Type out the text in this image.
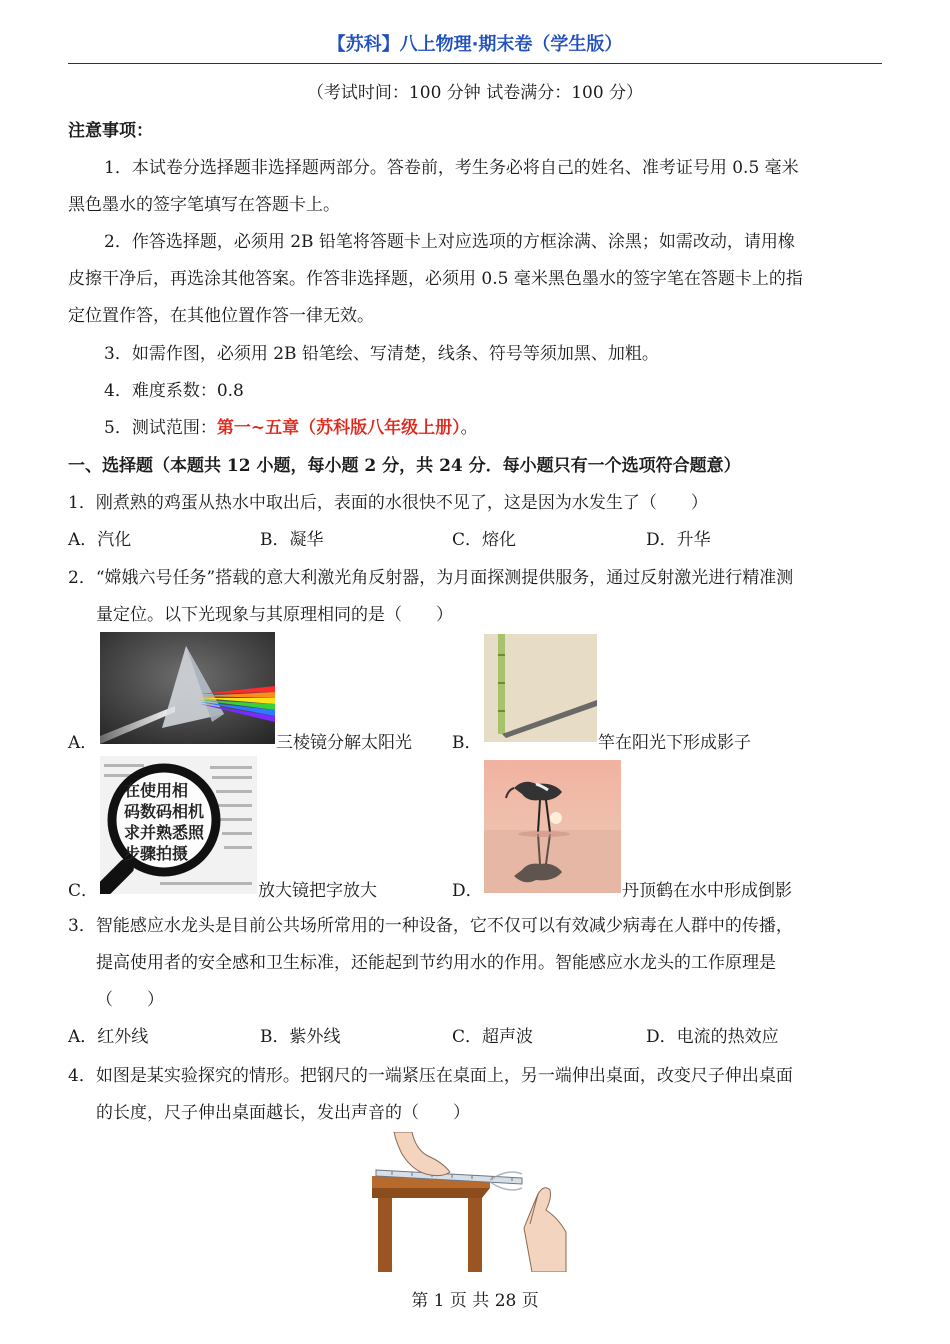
【苏科】八上物理·期末卷（学生版）
（考试时间：100 分钟 试卷满分：100 分）
注意事项：
1．本试卷分选择题非选择题两部分。答卷前，考生务必将自己的姓名、准考证号用 0.5 毫米
黑色墨水的签字笔填写在答题卡上。
2．作答选择题，必须用 2B 铅笔将答题卡上对应选项的方框涂满、涂黑；如需改动，请用橡
皮擦干净后，再选涂其他答案。作答非选择题，必须用 0.5 毫米黑色墨水的签字笔在答题卡上的指
定位置作答，在其他位置作答一律无效。
3．如需作图，必须用 2B 铅笔绘、写清楚，线条、符号等须加黑、加粗。
4．难度系数：0.8
5．测试范围：第一~五章（苏科版八年级上册）。
一、选择题（本题共 12 小题，每小题 2 分，共 24 分．每小题只有一个选项符合题意）
1．刚煮熟的鸡蛋从热水中取出后，表面的水很快不见了，这是因为水发生了（　　）
A．汽化	B．凝华	C．熔化	D．升华
2．“嫦娥六号任务”搭载的意大利激光角反射器，为月面探测提供服务，通过反射激光进行精准测
量定位。以下光现象与其原理相同的是（　　）
A．	三棱镜分解太阳光 B．	竿在阳光下形成影子
C．
在使用相
码数码相机
求并熟悉照
步骤拍摄
放大镜把字放大	D．	丹顶鹤在水中形成倒影
3．智能感应水龙头是目前公共场所常用的一种设备，它不仅可以有效减少病毒在人群中的传播，
提高使用者的安全感和卫生标准，还能起到节约用水的作用。智能感应水龙头的工作原理是
（　　）
A．红外线	B．紫外线	C．超声波	D．电流的热效应
4．如图是某实验探究的情形。把钢尺的一端紧压在桌面上，另一端伸出桌面，改变尺子伸出桌面
的长度，尺子伸出桌面越长，发出声音的（　　）
第 1 页 共 28 页
